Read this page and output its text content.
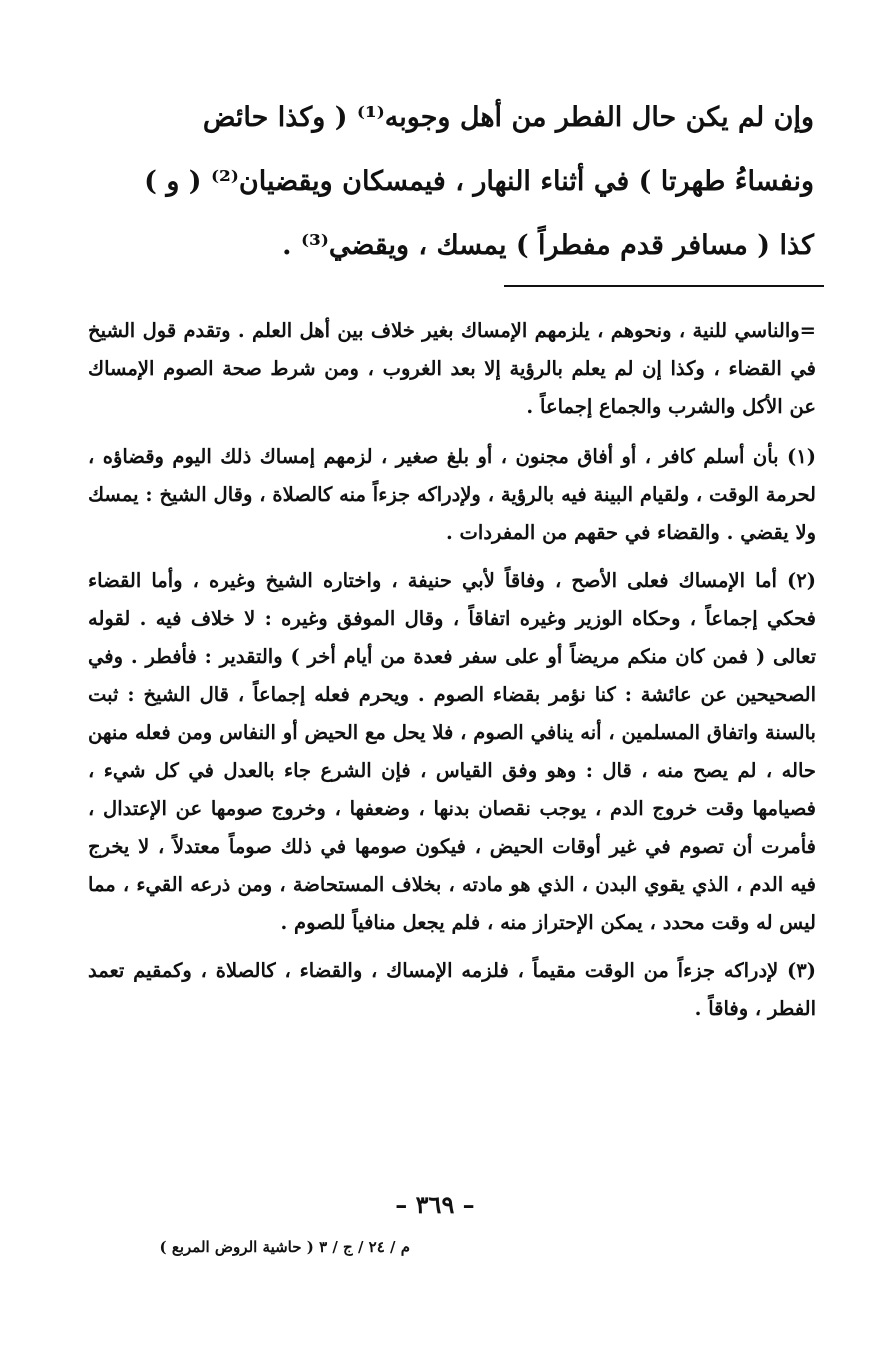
وإن لم يكن حال الفطر من أهل وجوبه⁽¹⁾ ( وكذا حائض

ونفساءُ طهرتا ) في أثناء النهار ، فيمسكان ويقضيان⁽²⁾ ( و )

كذا ( مسافر قدم مفطراً ) يمسك ، ويقضي⁽³⁾ .

=والناسي للنية ، ونحوهم ، يلزمهم الإمساك بغير خلاف بين أهل العلم . وتقدم قول الشيخ في القضاء ، وكذا إن لم يعلم بالرؤية إلا بعد الغروب ، ومن شرط صحة الصوم الإمساك عن الأكل والشرب والجماع إجماعاً .

(١) بأن أسلم كافر ، أو أفاق مجنون ، أو بلغ صغير ، لزمهم إمساك ذلك اليوم وقضاؤه ، لحرمة الوقت ، ولقيام البينة فيه بالرؤية ، ولإدراكه جزءاً منه كالصلاة ، وقال الشيخ : يمسك ولا يقضي . والقضاء في حقهم من المفردات .

(٢) أما الإمساك فعلى الأصح ، وفاقاً لأبي حنيفة ، واختاره الشيخ وغيره ، وأما القضاء فحكي إجماعاً ، وحكاه الوزير وغيره اتفاقاً ، وقال الموفق وغيره : لا خلاف فيه . لقوله تعالى ( فمن كان منكم مريضاً أو على سفر فعدة من أيام أخر ) والتقدير : فأفطر . وفي الصحيحين عن عائشة : كنا نؤمر بقضاء الصوم . ويحرم فعله إجماعاً ، قال الشيخ : ثبت بالسنة واتفاق المسلمين ، أنه ينافي الصوم ، فلا يحل مع الحيض أو النفاس ومن فعله منهن حاله ، لم يصح منه ، قال : وهو وفق القياس ، فإن الشرع جاء بالعدل في كل شيء ، فصيامها وقت خروج الدم ، يوجب نقصان بدنها ، وضعفها ، وخروج صومها عن الإعتدال ، فأمرت أن تصوم في غير أوقات الحيض ، فيكون صومها في ذلك صوماً معتدلاً ، لا يخرج فيه الدم ، الذي يقوي البدن ، الذي هو مادته ، بخلاف المستحاضة ، ومن ذرعه القيء ، مما ليس له وقت محدد ، يمكن الإحتراز منه ، فلم يجعل منافياً للصوم .

(٣) لإدراكه جزءاً من الوقت مقيماً ، فلزمه الإمساك ، والقضاء ، كالصلاة ، وكمقيم تعمد الفطر ، وفاقاً .

– ٣٦٩ –
م / ٢٤ / ج / ٣ ( حاشية الروض المربع )
